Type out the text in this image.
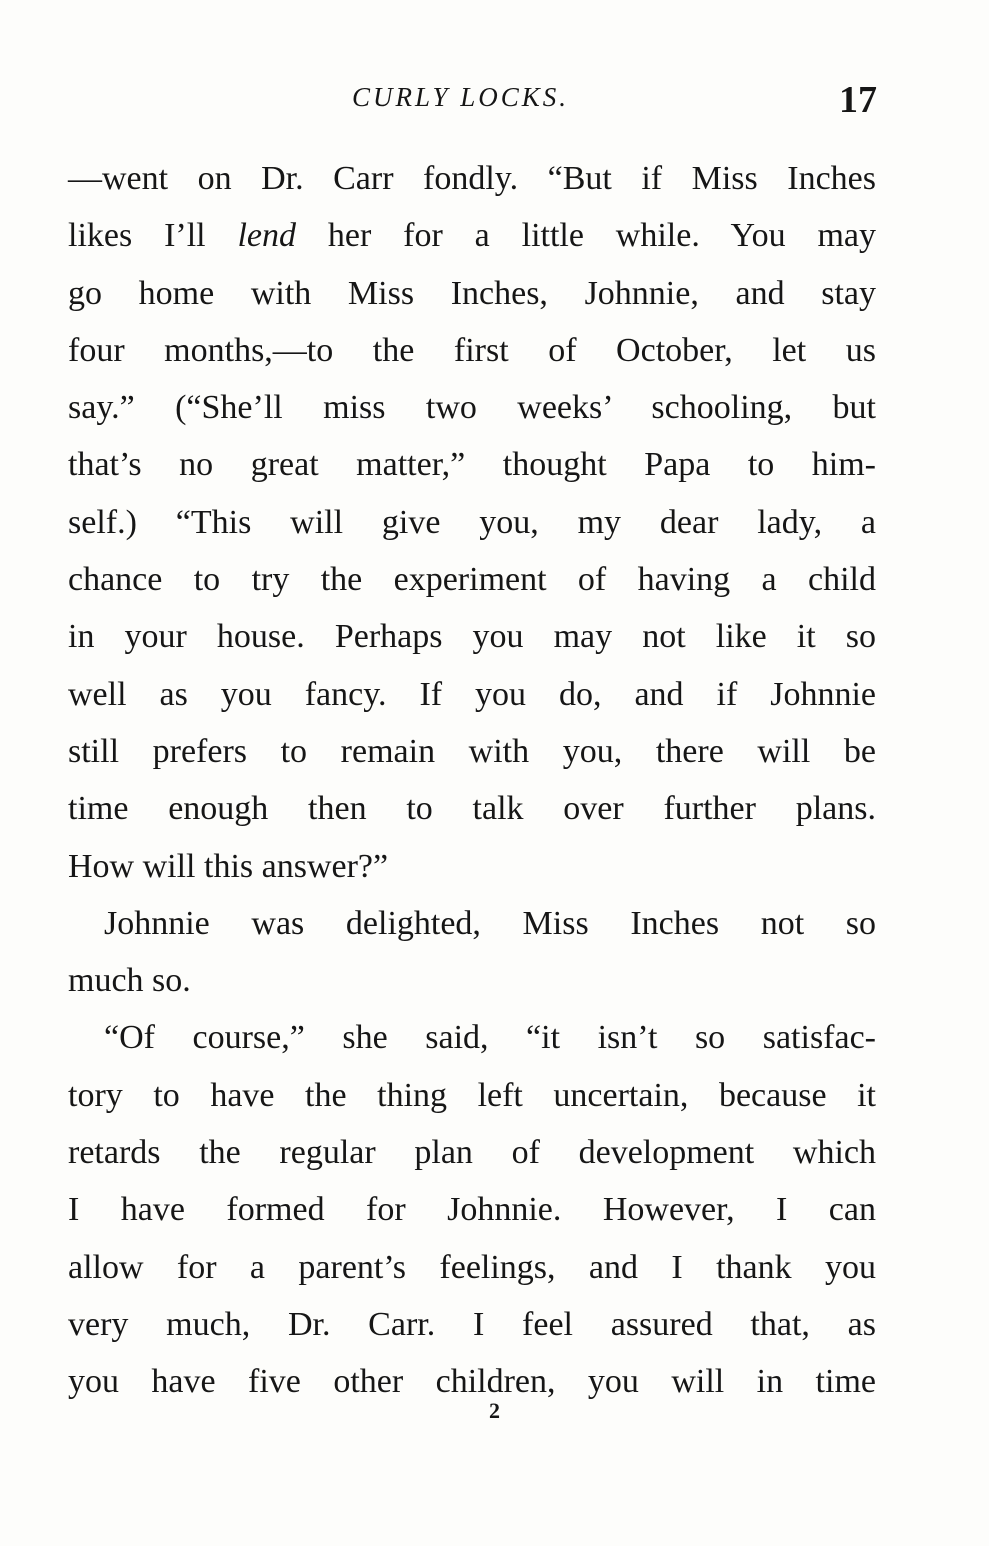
CURLY LOCKS.	17
—went on Dr. Carr fondly. “But if Miss Inches
likes I’ll lend her for a little while. You may
go home with Miss Inches, Johnnie, and stay
four months,—to the first of October, let us
say.” (“She’ll miss two weeks’ schooling, but
that’s no great matter,” thought Papa to him-
self.) “This will give you, my dear lady, a
chance to try the experiment of having a child
in your house. Perhaps you may not like it so
well as you fancy. If you do, and if Johnnie
still prefers to remain with you, there will be
time enough then to talk over further plans.
How will this answer?”
Johnnie was delighted, Miss Inches not so
much so.
“Of course,” she said, “it isn’t so satisfac-
tory to have the thing left uncertain, because it
retards the regular plan of development which
I have formed for Johnnie. However, I can
allow for a parent’s feelings, and I thank you
very much, Dr. Carr. I feel assured that, as
you have five other children, you will in time
2
